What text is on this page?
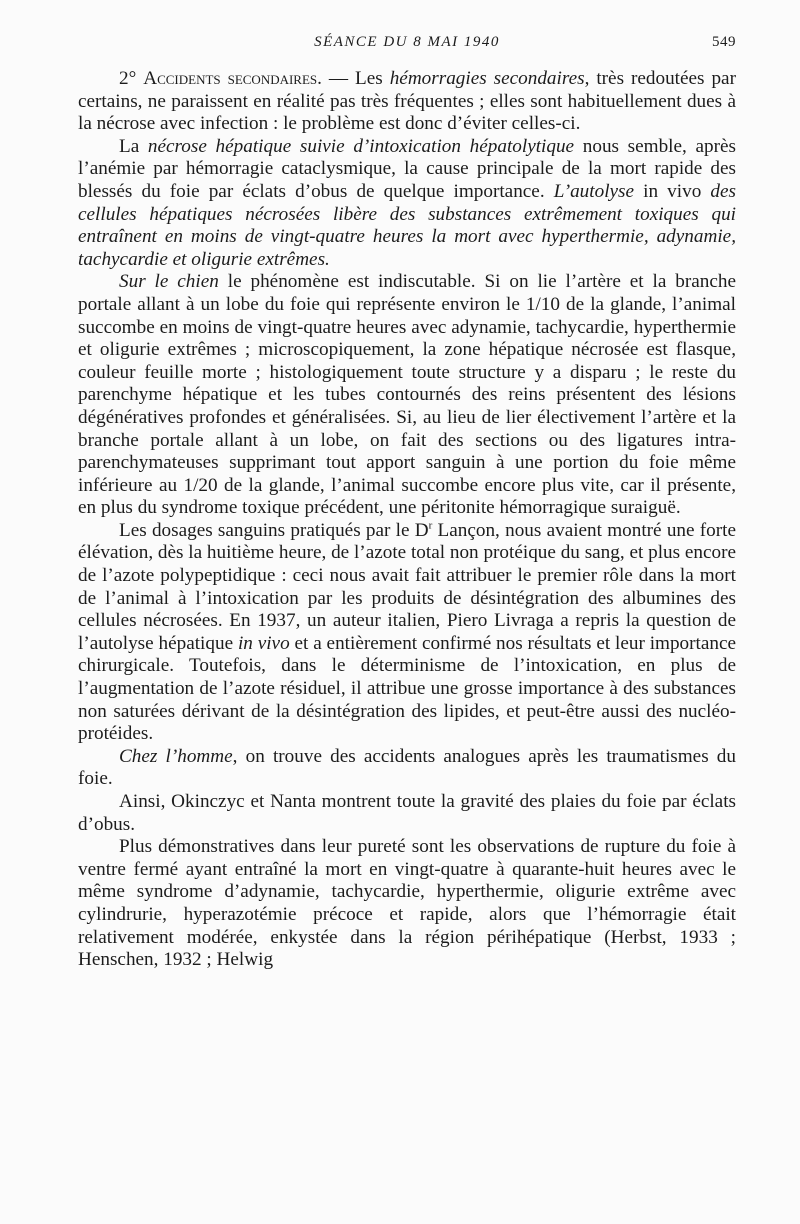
SÉANCE DU 8 MAI 1940	549

2° Accidents secondaires. — Les hémorragies secondaires, très redoutées par certains, ne paraissent en réalité pas très fréquentes ; elles sont habituellement dues à la nécrose avec infection : le problème est donc d’éviter celles-ci.

La nécrose hépatique suivie d’intoxication hépatolytique nous semble, après l’anémie par hémorragie cataclysmique, la cause principale de la mort rapide des blessés du foie par éclats d’obus de quelque importance. L’autolyse in vivo des cellules hépatiques nécrosées libère des substances extrêmement toxiques qui entraînent en moins de vingt-quatre heures la mort avec hyperthermie, adynamie, tachycardie et oligurie extrêmes.

Sur le chien le phénomène est indiscutable. Si on lie l’artère et la branche portale allant à un lobe du foie qui représente environ le 1/10 de la glande, l’animal succombe en moins de vingt-quatre heures avec adynamie, tachycardie, hyperthermie et oligurie extrêmes ; microscopiquement, la zone hépatique nécrosée est flasque, couleur feuille morte ; histologiquement toute structure y a disparu ; le reste du parenchyme hépatique et les tubes contournés des reins présentent des lésions dégénératives profondes et généralisées. Si, au lieu de lier électivement l’artère et la branche portale allant à un lobe, on fait des sections ou des ligatures intra-parenchymateuses supprimant tout apport sanguin à une portion du foie même inférieure au 1/20 de la glande, l’animal succombe encore plus vite, car il présente, en plus du syndrome toxique précédent, une péritonite hémorragique suraiguë.

Les dosages sanguins pratiqués par le $D^r$ Lançon, nous avaient montré une forte élévation, dès la huitième heure, de l’azote total non protéique du sang, et plus encore de l’azote polypeptidique : ceci nous avait fait attribuer le premier rôle dans la mort de l’animal à l’intoxication par les produits de désintégration des albumines des cellules nécrosées. En 1937, un auteur italien, Piero Livraga a repris la question de l’autolyse hépatique in vivo et a entièrement confirmé nos résultats et leur importance chirurgicale. Toutefois, dans le déterminisme de l’intoxication, en plus de l’augmentation de l’azote résiduel, il attribue une grosse importance à des substances non saturées dérivant de la désintégration des lipides, et peut-être aussi des nucléo-protéides.

Chez l’homme, on trouve des accidents analogues après les traumatismes du foie.

Ainsi, Okinczyc et Nanta montrent toute la gravité des plaies du foie par éclats d’obus.

Plus démonstratives dans leur pureté sont les observations de rupture du foie à ventre fermé ayant entraîné la mort en vingt-quatre à quarante-huit heures avec le même syndrome d’adynamie, tachycardie, hyperthermie, oligurie extrême avec cylindrurie, hyperazotémie précoce et rapide, alors que l’hémorragie était relativement modérée, enkystée dans la région périhépatique (Herbst, 1933 ; Henschen, 1932 ; Helwig
